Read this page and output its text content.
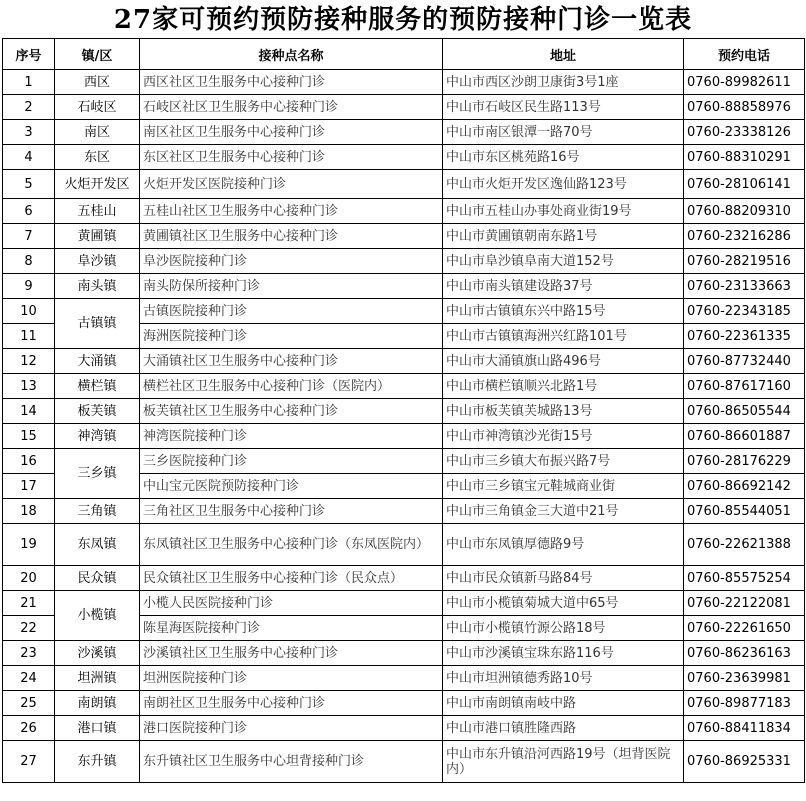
27家可预约预防接种服务的预防接种门诊一览表
序号	镇/区	接种点名称	地址	预约电话
1	西区	西区社区卫生服务中心接种门诊	中山市西区沙朗卫康街3号1座	0760-89982611
2	石岐区	石岐区社区卫生服务中心接种门诊	中山市石岐区民生路113号	0760-88858976
3	南区	南区社区卫生服务中心接种门诊	中山市南区银潭一路70号	0760-23338126
4	东区	东区社区卫生服务中心接种门诊	中山市东区桃苑路16号	0760-88310291
5	火炬开发区	火炬开发区医院接种门诊	中山市火炬开发区逸仙路123号	0760-28106141
6	五桂山	五桂山社区卫生服务中心接种门诊	中山市五桂山办事处商业街19号	0760-88209310
7	黄圃镇	黄圃镇社区卫生服务中心接种门诊	中山市黄圃镇朝南东路1号	0760-23216286
8	阜沙镇	阜沙医院接种门诊	中山市阜沙镇阜南大道152号	0760-28219516
9	南头镇	南头防保所接种门诊	中山市南头镇建设路37号	0760-23133663
10	古镇镇	古镇医院接种门诊	中山市古镇镇东兴中路15号	0760-22343185
11		海洲医院接种门诊	中山市古镇镇海洲兴红路101号	0760-22361335
12	大涌镇	大涌镇社区卫生服务中心接种门诊	中山市大涌镇旗山路496号	0760-87732440
13	横栏镇	横栏社区卫生服务中心接种门诊（医院内）	中山市横栏镇顺兴北路1号	0760-87617160
14	板芙镇	板芙镇社区卫生服务中心接种门诊	中山市板芙镇芙城路13号	0760-86505544
15	神湾镇	神湾医院接种门诊	中山市神湾镇沙光街15号	0760-86601887
16	三乡镇	三乡医院接种门诊	中山市三乡镇大布振兴路7号	0760-28176229
17		中山宝元医院预防接种门诊	中山市三乡镇宝元鞋城商业街	0760-86692142
18	三角镇	三角社区卫生服务中心接种门诊	中山市三角镇金三大道中21号	0760-85544051
19	东凤镇	东凤镇社区卫生服务中心接种门诊（东凤医院内）	中山市东凤镇厚德路9号	0760-22621388
20	民众镇	民众镇社区卫生服务中心接种门诊（民众点）	中山市民众镇新马路84号	0760-85575254
21	小榄镇	小榄人民医院接种门诊	中山市小榄镇菊城大道中65号	0760-22122081
22		陈星海医院接种门诊	中山市小榄镇竹源公路18号	0760-22261650
23	沙溪镇	沙溪镇社区卫生服务中心接种门诊	中山市沙溪镇宝珠东路116号	0760-86236163
24	坦洲镇	坦洲医院接种门诊	中山市坦洲镇德秀路10号	0760-23639981
25	南朗镇	南朗社区卫生服务中心接种门诊	中山市南朗镇南岐中路	0760-89877183
26	港口镇	港口医院接种门诊	中山市港口镇胜隆西路	0760-88411834
27	东升镇	东升镇社区卫生服务中心坦背接种门诊	中山市东升镇沿河西路19号（坦背医院内）	0760-86925331
